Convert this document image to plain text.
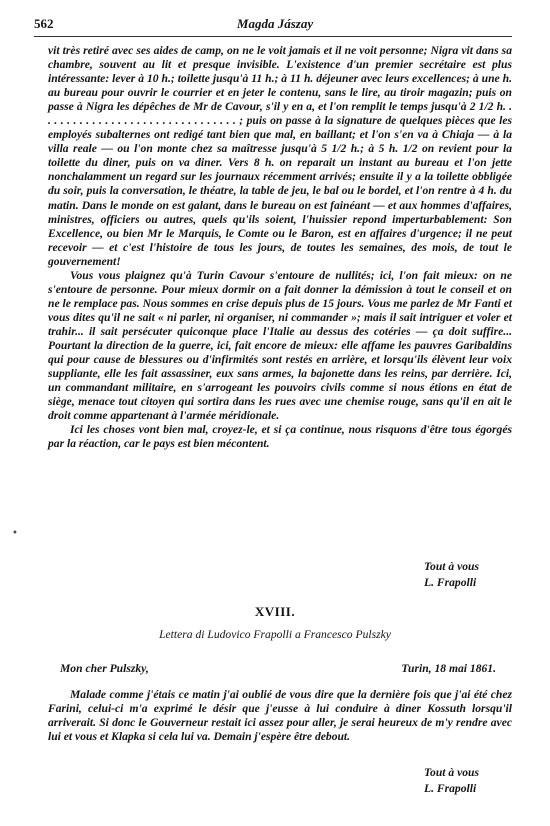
562	Magda Jászay

vit très retiré avec ses aides de camp, on ne le voit jamais et il ne voit personne; Nigra vit dans sa chambre, souvent au lit et presque invisible. L'existence d'un premier secrétaire est plus intéressante: lever à 10 h.; toilette jusqu'à 11 h.; à 11 h. déjeuner avec leurs excellences; à une h. au bureau pour ouvrir le courrier et en jeter le contenu, sans le lire, au tiroir magazin; puis on passe à Nigra les dépêches de Mr de Cavour, s'il y en a, et l'on remplit le temps jusqu'à 2 1/2 h. . . . . . . . . . . . . . . . . . . . . . . . . . . . . . . . ; puis on passe à la signature de quelques pièces que les employés subalternes ont redigé tant bien que mal, en baillant; et l'on s'en va à Chiaja — à la villa reale — ou l'on monte chez sa maîtresse jusqu'à 5 1/2 h.; à 5 h. 1/2 on revient pour la toilette du diner, puis on va diner. Vers 8 h. on reparait un instant au bureau et l'on jette nonchalamment un regard sur les journaux récemment arrivés; ensuite il y a la toilette obbligée du soir, puis la conversation, le théatre, la table de jeu, le bal ou le bordel, et l'on rentre à 4 h. du matin. Dans le monde on est galant, dans le bureau on est fainéant — et aux hommes d'affaires, ministres, officiers ou autres, quels qu'ils soient, l'huissier repond imperturbablement: Son Excellence, ou bien Mr le Marquis, le Comte ou le Baron, est en affaires d'urgence; il ne peut recevoir — et c'est l'histoire de tous les jours, de toutes les semaines, des mois, de tout le gouvernement!

Vous vous plaignez qu'à Turin Cavour s'entoure de nullités; ici, l'on fait mieux: on ne s'entoure de personne. Pour mieux dormir on a fait donner la démission à tout le conseil et on ne le remplace pas. Nous sommes en crise depuis plus de 15 jours. Vous me parlez de Mr Fanti et vous dites qu'il ne sait « ni parler, ni organiser, ni commander »; mais il sait intriguer et voler et trahir... il sait persécuter quiconque place l'Italie au dessus des cotéries — ça doit suffire... Pourtant la direction de la guerre, ici, fait encore de mieux: elle affame les pauvres Garibaldins qui pour cause de blessures ou d'infirmités sont restés en arrière, et lorsqu'ils élèvent leur voix suppliante, elle les fait assassiner, eux sans armes, la bajonette dans les reins, par derrière. Ici, un commandant militaire, en s'arrogeant les pouvoirs civils comme si nous étions en état de siège, menace tout citoyen qui sortira dans les rues avec une chemise rouge, sans qu'il en ait le droit comme appartenant à l'armée méridionale.

Ici les choses vont bien mal, croyez-le, et si ça continue, nous risquons d'être tous égorgés par la réaction, car le pays est bien mécontent.

Tout à vous
L. Frapolli
XVIII.
Lettera di Ludovico Frapolli a Francesco Pulszky
Mon cher Pulszky,	Turin, 18 mai 1861.

Malade comme j'étais ce matin j'ai oublié de vous dire que la dernière fois que j'ai été chez Farini, celui-ci m'a exprimé le désir que j'eusse à lui conduire à diner Kossuth lorsqu'il arriverait. Si donc le Gouverneur restait ici assez pour aller, je serai heureux de m'y rendre avec lui et vous et Klapka si cela lui va. Demain j'espère être debout.

Tout à vous
L. Frapolli
•
